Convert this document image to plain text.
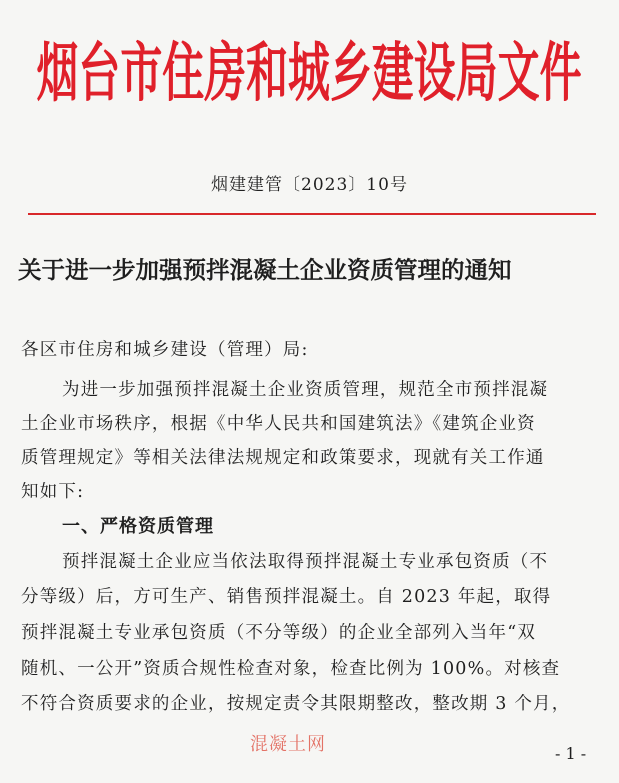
烟台市住房和城乡建设局文件
烟建建管〔2023〕10号
关于进一步加强预拌混凝土企业资质管理的通知
各区市住房和城乡建设（管理）局:
为进一步加强预拌混凝土企业资质管理，规范全市预拌混凝
土企业市场秩序，根据《中华人民共和国建筑法》《建筑企业资
质管理规定》等相关法律法规规定和政策要求，现就有关工作通
知如下:
一、严格资质管理
预拌混凝土企业应当依法取得预拌混凝土专业承包资质（不
分等级）后，方可生产、销售预拌混凝土。自 2023 年起，取得
预拌混凝土专业承包资质（不分等级）的企业全部列入当年“双
随机、一公开”资质合规性检查对象，检查比例为 100%。对核查
不符合资质要求的企业，按规定责令其限期整改，整改期 3 个月，
混凝土网	- 1 -
